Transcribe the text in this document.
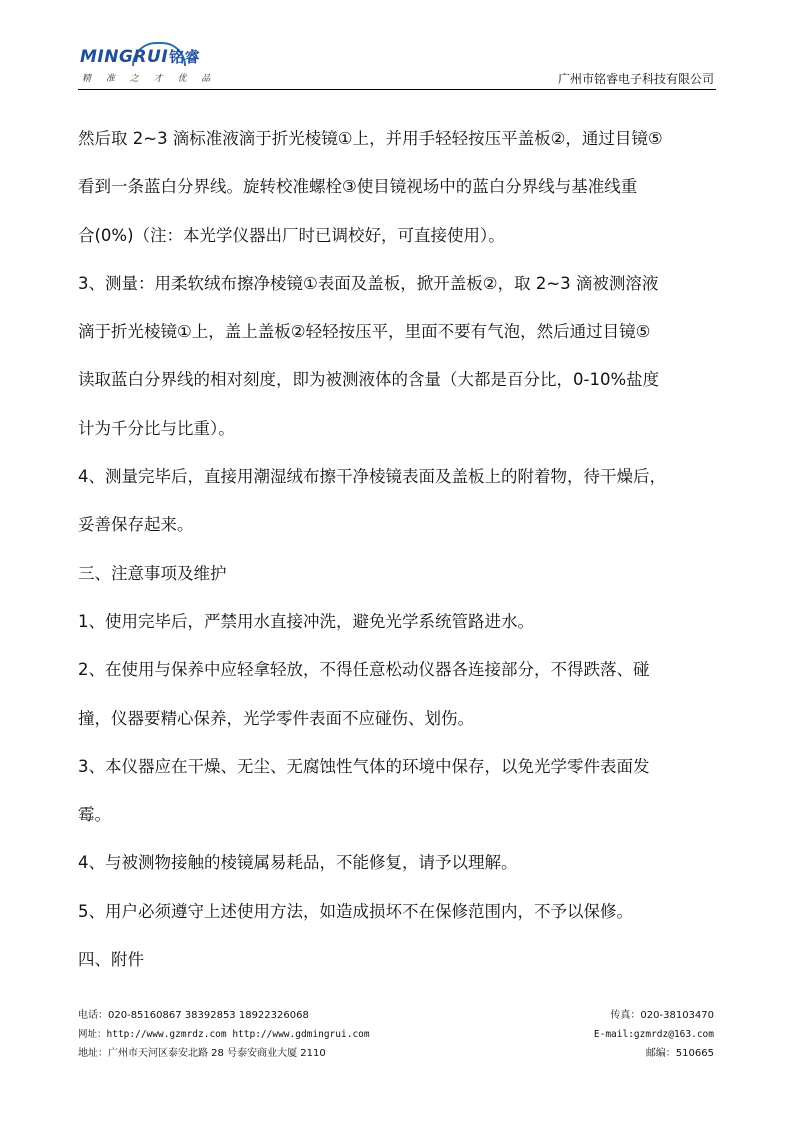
MINGRUI铭睿
精 准 之 才 优 品	广州市铭睿电子科技有限公司

然后取 2~3 滴标准液滴于折光棱镜①上，并用手轻轻按压平盖板②，通过目镜⑤

看到一条蓝白分界线。旋转校准螺栓③使目镜视场中的蓝白分界线与基准线重

合(0%)（注：本光学仪器出厂时已调校好，可直接使用）。

3、测量：用柔软绒布擦净棱镜①表面及盖板，掀开盖板②，取 2~3 滴被测溶液

滴于折光棱镜①上，盖上盖板②轻轻按压平，里面不要有气泡，然后通过目镜⑤

读取蓝白分界线的相对刻度，即为被测液体的含量（大都是百分比，0-10%盐度

计为千分比与比重）。

4、测量完毕后，直接用潮湿绒布擦干净棱镜表面及盖板上的附着物，待干燥后，

妥善保存起来。

三、注意事项及维护

1、使用完毕后，严禁用水直接冲洗，避免光学系统管路进水。

2、在使用与保养中应轻拿轻放，不得任意松动仪器各连接部分，不得跌落、碰

撞，仪器要精心保养，光学零件表面不应碰伤、划伤。

3、本仪器应在干燥、无尘、无腐蚀性气体的环境中保存，以免光学零件表面发

霉。

4、与被测物接触的棱镜属易耗品，不能修复，请予以理解。

5、用户必须遵守上述使用方法，如造成损坏不在保修范围内，不予以保修。

四、附件

电话：020-85160867 38392853 18922326068	传真：020-38103470
网址：http://www.gzmrdz.com http://www.gdmingrui.com	E-mail:gzmrdz@163.com
地址：广州市天河区泰安北路 28 号泰安商业大厦 2110	邮编：510665
